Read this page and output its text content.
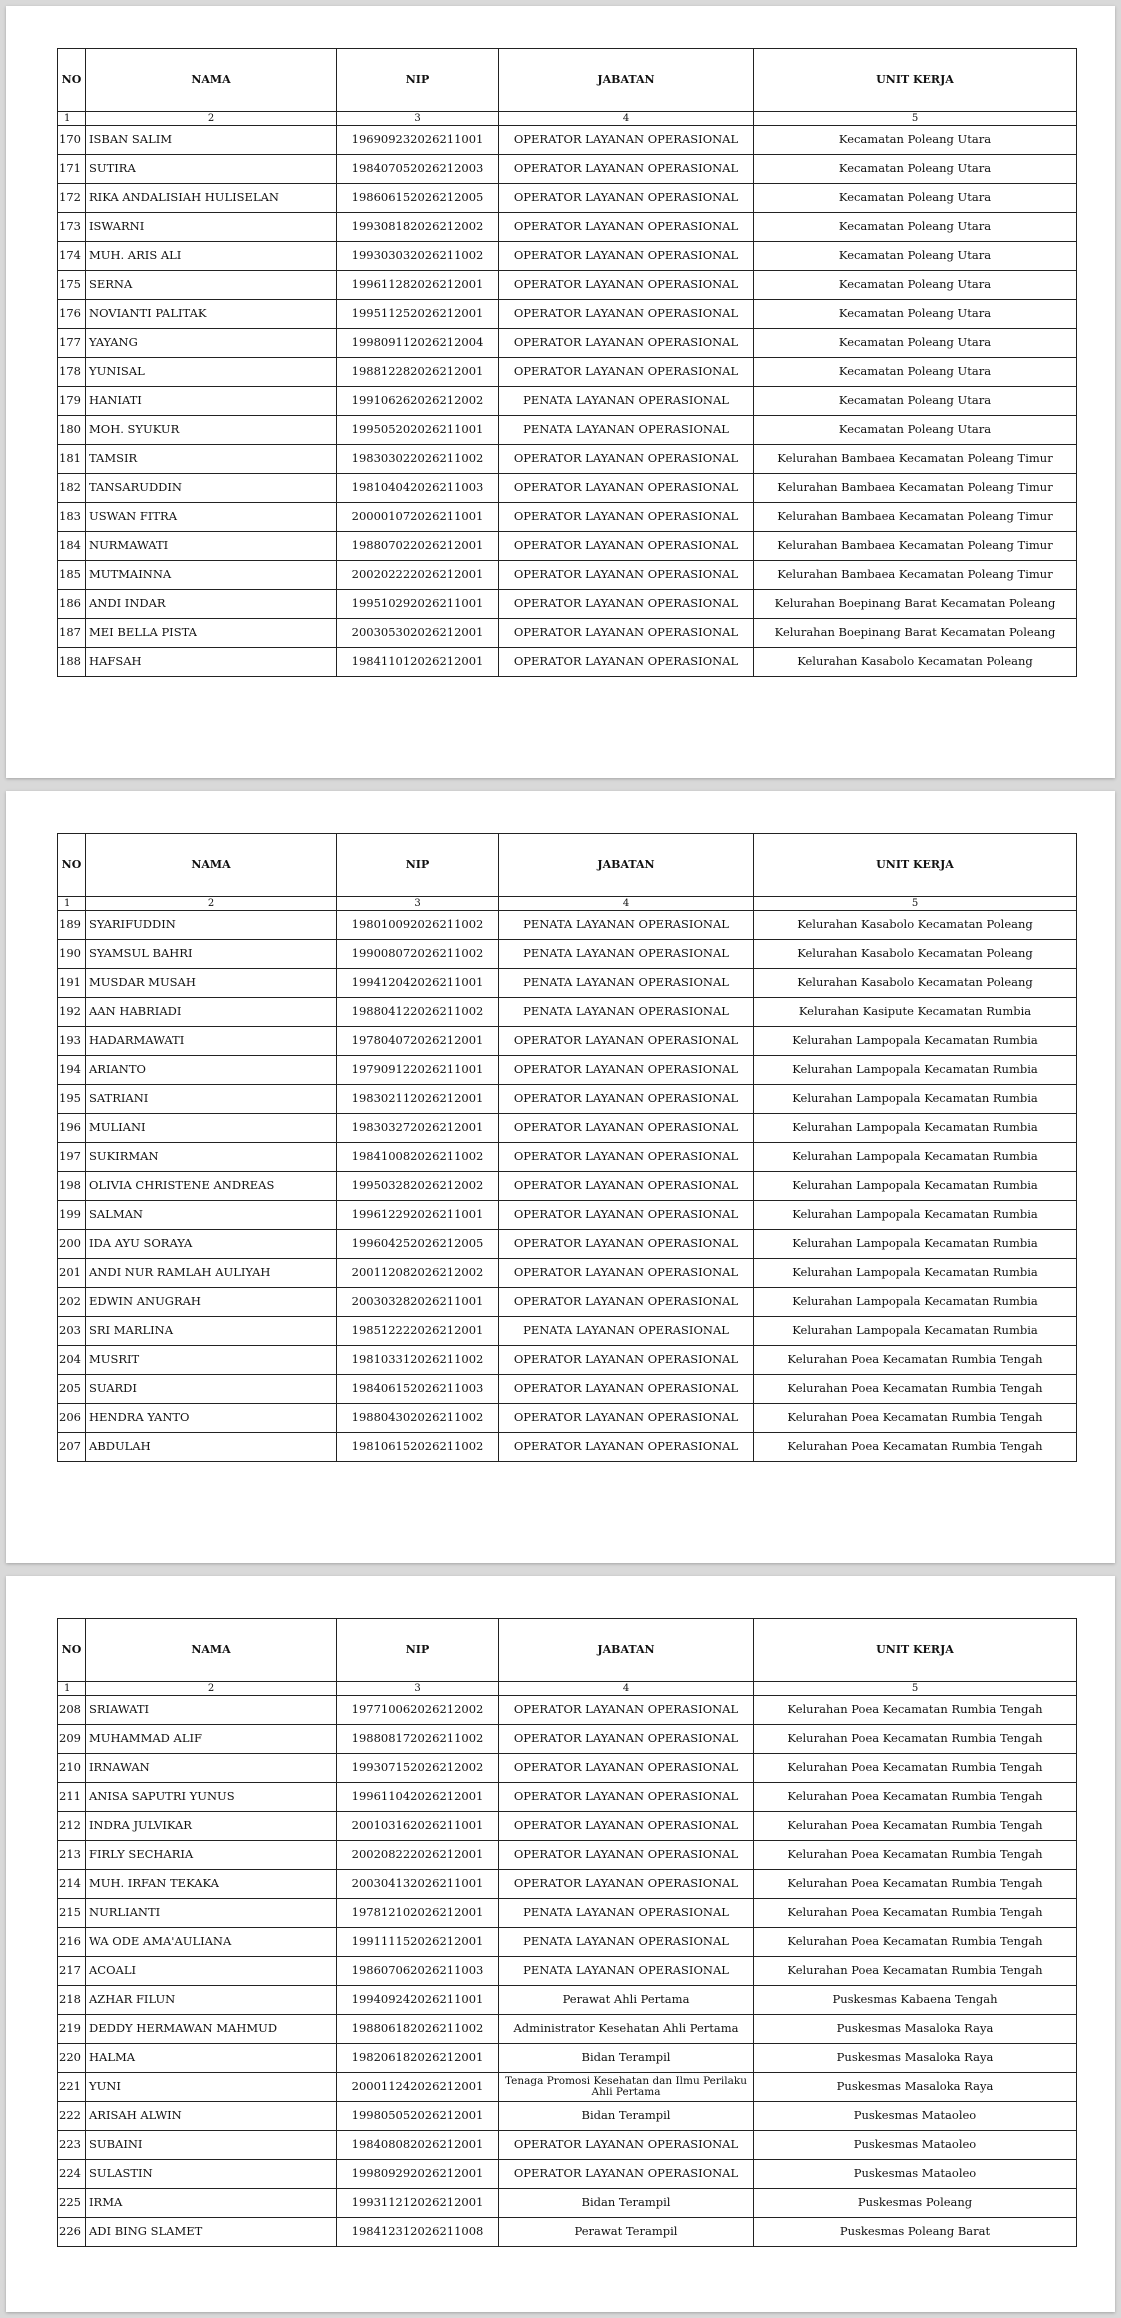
NO	NAMA	NIP	JABATAN	UNIT KERJA
1	2	3	4	5
170	ISBAN SALIM	196909232026211001	OPERATOR LAYANAN OPERASIONAL	Kecamatan Poleang Utara
171	SUTIRA	198407052026212003	OPERATOR LAYANAN OPERASIONAL	Kecamatan Poleang Utara
172	RIKA ANDALISIAH HULISELAN	198606152026212005	OPERATOR LAYANAN OPERASIONAL	Kecamatan Poleang Utara
173	ISWARNI	199308182026212002	OPERATOR LAYANAN OPERASIONAL	Kecamatan Poleang Utara
174	MUH. ARIS ALI	199303032026211002	OPERATOR LAYANAN OPERASIONAL	Kecamatan Poleang Utara
175	SERNA	199611282026212001	OPERATOR LAYANAN OPERASIONAL	Kecamatan Poleang Utara
176	NOVIANTI PALITAK	199511252026212001	OPERATOR LAYANAN OPERASIONAL	Kecamatan Poleang Utara
177	YAYANG	199809112026212004	OPERATOR LAYANAN OPERASIONAL	Kecamatan Poleang Utara
178	YUNISAL	198812282026212001	OPERATOR LAYANAN OPERASIONAL	Kecamatan Poleang Utara
179	HANIATI	199106262026212002	PENATA LAYANAN OPERASIONAL	Kecamatan Poleang Utara
180	MOH. SYUKUR	199505202026211001	PENATA LAYANAN OPERASIONAL	Kecamatan Poleang Utara
181	TAMSIR	198303022026211002	OPERATOR LAYANAN OPERASIONAL	Kelurahan Bambaea Kecamatan Poleang Timur
182	TANSARUDDIN	198104042026211003	OPERATOR LAYANAN OPERASIONAL	Kelurahan Bambaea Kecamatan Poleang Timur
183	USWAN FITRA	200001072026211001	OPERATOR LAYANAN OPERASIONAL	Kelurahan Bambaea Kecamatan Poleang Timur
184	NURMAWATI	198807022026212001	OPERATOR LAYANAN OPERASIONAL	Kelurahan Bambaea Kecamatan Poleang Timur
185	MUTMAINNA	200202222026212001	OPERATOR LAYANAN OPERASIONAL	Kelurahan Bambaea Kecamatan Poleang Timur
186	ANDI INDAR	199510292026211001	OPERATOR LAYANAN OPERASIONAL	Kelurahan Boepinang Barat Kecamatan Poleang
187	MEI BELLA PISTA	200305302026212001	OPERATOR LAYANAN OPERASIONAL	Kelurahan Boepinang Barat Kecamatan Poleang
188	HAFSAH	198411012026212001	OPERATOR LAYANAN OPERASIONAL	Kelurahan Kasabolo Kecamatan Poleang
NO	NAMA	NIP	JABATAN	UNIT KERJA
1	2	3	4	5
189	SYARIFUDDIN	198010092026211002	PENATA LAYANAN OPERASIONAL	Kelurahan Kasabolo Kecamatan Poleang
190	SYAMSUL BAHRI	199008072026211002	PENATA LAYANAN OPERASIONAL	Kelurahan Kasabolo Kecamatan Poleang
191	MUSDAR MUSAH	199412042026211001	PENATA LAYANAN OPERASIONAL	Kelurahan Kasabolo Kecamatan Poleang
192	AAN HABRIADI	198804122026211002	PENATA LAYANAN OPERASIONAL	Kelurahan Kasipute Kecamatan Rumbia
193	HADARMAWATI	197804072026212001	OPERATOR LAYANAN OPERASIONAL	Kelurahan Lampopala Kecamatan Rumbia
194	ARIANTO	197909122026211001	OPERATOR LAYANAN OPERASIONAL	Kelurahan Lampopala Kecamatan Rumbia
195	SATRIANI	198302112026212001	OPERATOR LAYANAN OPERASIONAL	Kelurahan Lampopala Kecamatan Rumbia
196	MULIANI	198303272026212001	OPERATOR LAYANAN OPERASIONAL	Kelurahan Lampopala Kecamatan Rumbia
197	SUKIRMAN	198410082026211002	OPERATOR LAYANAN OPERASIONAL	Kelurahan Lampopala Kecamatan Rumbia
198	OLIVIA CHRISTENE ANDREAS	199503282026212002	OPERATOR LAYANAN OPERASIONAL	Kelurahan Lampopala Kecamatan Rumbia
199	SALMAN	199612292026211001	OPERATOR LAYANAN OPERASIONAL	Kelurahan Lampopala Kecamatan Rumbia
200	IDA AYU SORAYA	199604252026212005	OPERATOR LAYANAN OPERASIONAL	Kelurahan Lampopala Kecamatan Rumbia
201	ANDI NUR RAMLAH AULIYAH	200112082026212002	OPERATOR LAYANAN OPERASIONAL	Kelurahan Lampopala Kecamatan Rumbia
202	EDWIN ANUGRAH	200303282026211001	OPERATOR LAYANAN OPERASIONAL	Kelurahan Lampopala Kecamatan Rumbia
203	SRI MARLINA	198512222026212001	PENATA LAYANAN OPERASIONAL	Kelurahan Lampopala Kecamatan Rumbia
204	MUSRIT	198103312026211002	OPERATOR LAYANAN OPERASIONAL	Kelurahan Poea Kecamatan Rumbia Tengah
205	SUARDI	198406152026211003	OPERATOR LAYANAN OPERASIONAL	Kelurahan Poea Kecamatan Rumbia Tengah
206	HENDRA YANTO	198804302026211002	OPERATOR LAYANAN OPERASIONAL	Kelurahan Poea Kecamatan Rumbia Tengah
207	ABDULAH	198106152026211002	OPERATOR LAYANAN OPERASIONAL	Kelurahan Poea Kecamatan Rumbia Tengah
NO	NAMA	NIP	JABATAN	UNIT KERJA
1	2	3	4	5
208	SRIAWATI	197710062026212002	OPERATOR LAYANAN OPERASIONAL	Kelurahan Poea Kecamatan Rumbia Tengah
209	MUHAMMAD ALIF	198808172026211002	OPERATOR LAYANAN OPERASIONAL	Kelurahan Poea Kecamatan Rumbia Tengah
210	IRNAWAN	199307152026212002	OPERATOR LAYANAN OPERASIONAL	Kelurahan Poea Kecamatan Rumbia Tengah
211	ANISA SAPUTRI YUNUS	199611042026212001	OPERATOR LAYANAN OPERASIONAL	Kelurahan Poea Kecamatan Rumbia Tengah
212	INDRA JULVIKAR	200103162026211001	OPERATOR LAYANAN OPERASIONAL	Kelurahan Poea Kecamatan Rumbia Tengah
213	FIRLY SECHARIA	200208222026212001	OPERATOR LAYANAN OPERASIONAL	Kelurahan Poea Kecamatan Rumbia Tengah
214	MUH. IRFAN TEKAKA	200304132026211001	OPERATOR LAYANAN OPERASIONAL	Kelurahan Poea Kecamatan Rumbia Tengah
215	NURLIANTI	197812102026212001	PENATA LAYANAN OPERASIONAL	Kelurahan Poea Kecamatan Rumbia Tengah
216	WA ODE AMA'AULIANA	199111152026212001	PENATA LAYANAN OPERASIONAL	Kelurahan Poea Kecamatan Rumbia Tengah
217	ACOALI	198607062026211003	PENATA LAYANAN OPERASIONAL	Kelurahan Poea Kecamatan Rumbia Tengah
218	AZHAR FILUN	199409242026211001	Perawat Ahli Pertama	Puskesmas Kabaena Tengah
219	DEDDY HERMAWAN MAHMUD	198806182026211002	Administrator Kesehatan Ahli Pertama	Puskesmas Masaloka Raya
220	HALMA	198206182026212001	Bidan Terampil	Puskesmas Masaloka Raya
221	YUNI	200011242026212001	Tenaga Promosi Kesehatan dan Ilmu Perilaku Ahli Pertama	Puskesmas Masaloka Raya
222	ARISAH ALWIN	199805052026212001	Bidan Terampil	Puskesmas Mataoleo
223	SUBAINI	198408082026212001	OPERATOR LAYANAN OPERASIONAL	Puskesmas Mataoleo
224	SULASTIN	199809292026212001	OPERATOR LAYANAN OPERASIONAL	Puskesmas Mataoleo
225	IRMA	199311212026212001	Bidan Terampil	Puskesmas Poleang
226	ADI BING SLAMET	198412312026211008	Perawat Terampil	Puskesmas Poleang Barat
